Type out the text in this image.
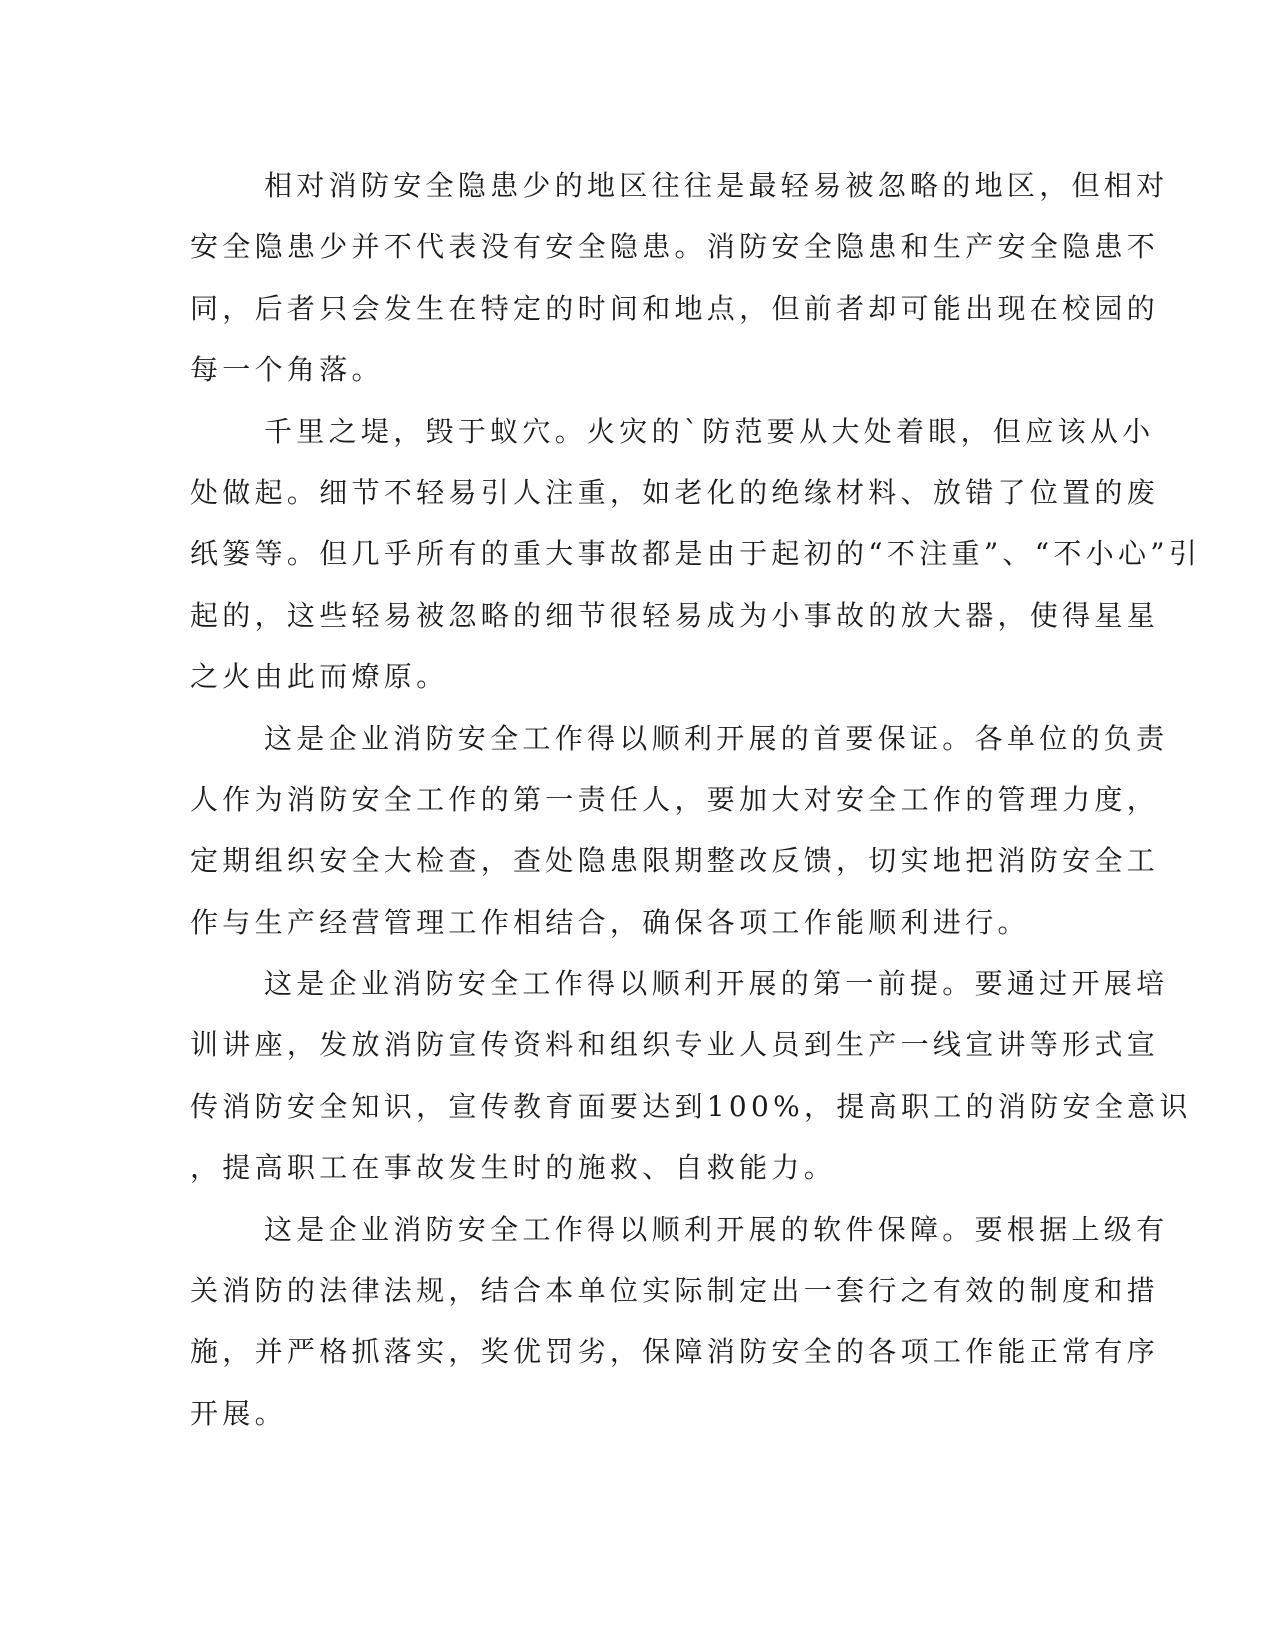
相对消防安全隐患少的地区往往是最轻易被忽略的地区，但相对
安全隐患少并不代表没有安全隐患。消防安全隐患和生产安全隐患不
同，后者只会发生在特定的时间和地点，但前者却可能出现在校园的
每一个角落。
千里之堤，毁于蚁穴。火灾的`防范要从大处着眼，但应该从小
处做起。细节不轻易引人注重，如老化的绝缘材料、放错了位置的废
纸篓等。但几乎所有的重大事故都是由于起初的“不注重”、“不小心”引
起的，这些轻易被忽略的细节很轻易成为小事故的放大器，使得星星
之火由此而燎原。
这是企业消防安全工作得以顺利开展的首要保证。各单位的负责
人作为消防安全工作的第一责任人，要加大对安全工作的管理力度，
定期组织安全大检查，查处隐患限期整改反馈，切实地把消防安全工
作与生产经营管理工作相结合，确保各项工作能顺利进行。
这是企业消防安全工作得以顺利开展的第一前提。要通过开展培
训讲座，发放消防宣传资料和组织专业人员到生产一线宣讲等形式宣
传消防安全知识，宣传教育面要达到100%，提高职工的消防安全意识
，提高职工在事故发生时的施救、自救能力。
这是企业消防安全工作得以顺利开展的软件保障。要根据上级有
关消防的法律法规，结合本单位实际制定出一套行之有效的制度和措
施，并严格抓落实，奖优罚劣，保障消防安全的各项工作能正常有序
开展。
